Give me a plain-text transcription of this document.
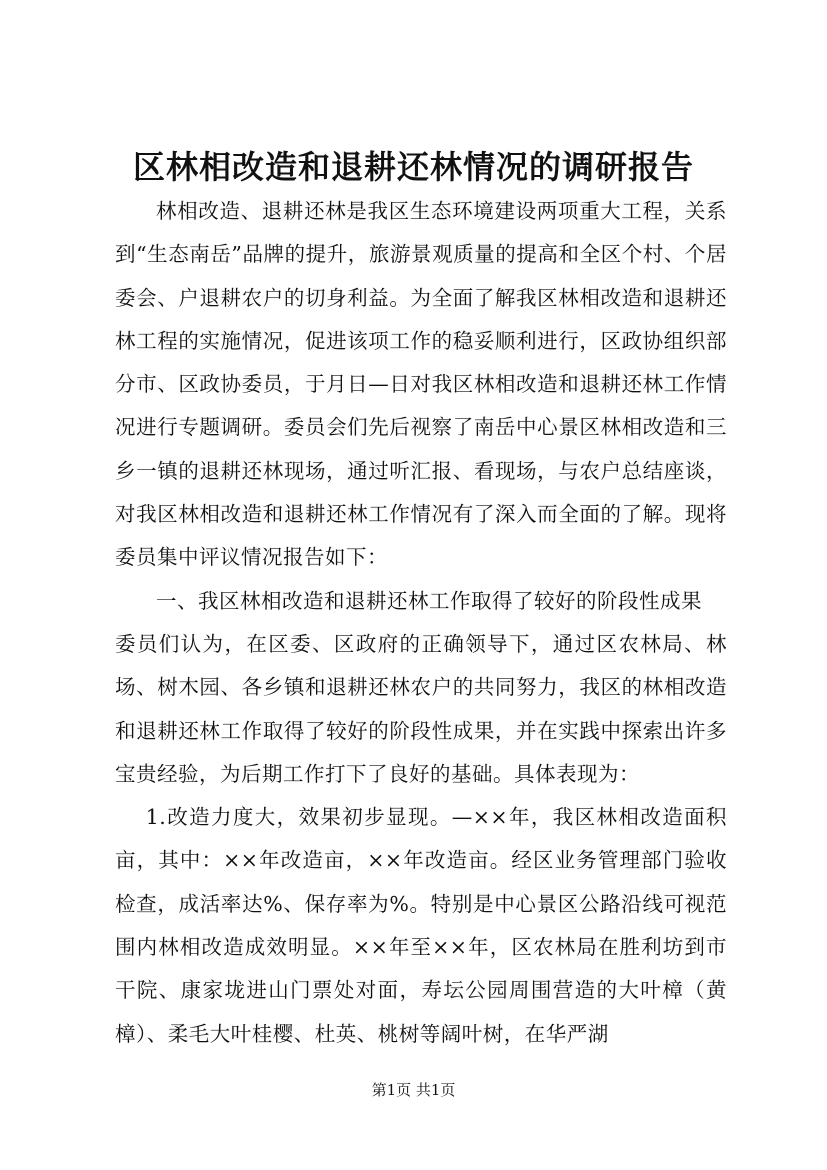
区林相改造和退耕还林情况的调研报告

林相改造、退耕还林是我区生态环境建设两项重大工程，关系到“生态南岳”品牌的提升，旅游景观质量的提高和全区个村、个居委会、户退耕农户的切身利益。为全面了解我区林相改造和退耕还林工程的实施情况，促进该项工作的稳妥顺利进行，区政协组织部分市、区政协委员，于月日—日对我区林相改造和退耕还林工作情况进行专题调研。委员会们先后视察了南岳中心景区林相改造和三乡一镇的退耕还林现场，通过听汇报、看现场，与农户总结座谈，对我区林相改造和退耕还林工作情况有了深入而全面的了解。现将委员集中评议情况报告如下：

一、我区林相改造和退耕还林工作取得了较好的阶段性成果

委员们认为，在区委、区政府的正确领导下，通过区农林局、林场、树木园、各乡镇和退耕还林农户的共同努力，我区的林相改造和退耕还林工作取得了较好的阶段性成果，并在实践中探索出许多宝贵经验，为后期工作打下了良好的基础。具体表现为：

1.改造力度大，效果初步显现。—××年，我区林相改造面积亩，其中：××年改造亩，××年改造亩。经区业务管理部门验收检查，成活率达%、保存率为%。特别是中心景区公路沿线可视范围内林相改造成效明显。××年至××年，区农林局在胜利坊到市干院、康家垅进山门票处对面，寿坛公园周围营造的大叶樟（黄樟）、柔毛大叶桂樱、杜英、桃树等阔叶树，在华严湖

第1页 共1页
